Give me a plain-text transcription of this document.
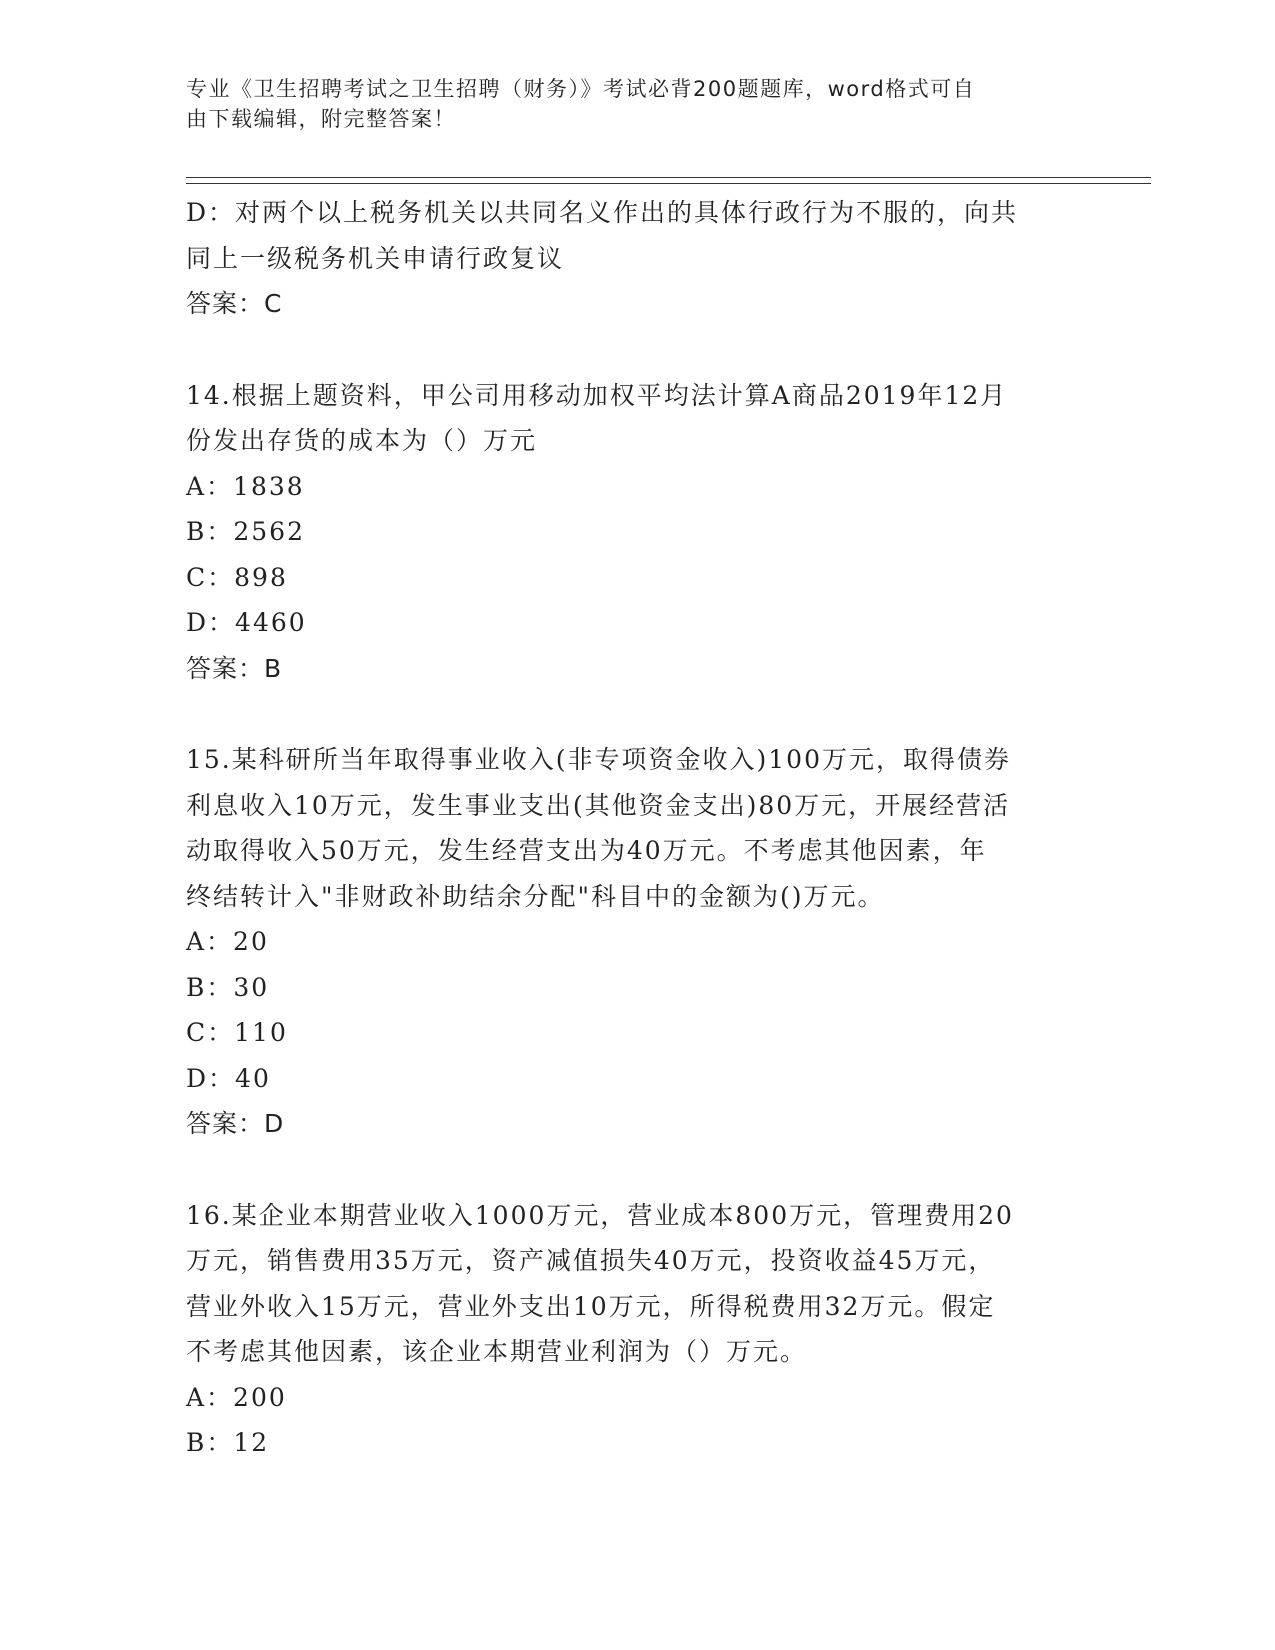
专业《卫生招聘考试之卫生招聘（财务）》考试必背200题题库，word格式可自
由下载编辑，附完整答案！
D：对两个以上税务机关以共同名义作出的具体行政行为不服的，向共
同上一级税务机关申请行政复议
答案：C
14.根据上题资料，甲公司用移动加权平均法计算A商品2019年12月
份发出存货的成本为（）万元
A：1838
B：2562
C：898
D：4460
答案：B
15.某科研所当年取得事业收入(非专项资金收入)100万元，取得债券
利息收入10万元，发生事业支出(其他资金支出)80万元，开展经营活
动取得收入50万元，发生经营支出为40万元。不考虑其他因素，年
终结转计入"非财政补助结余分配"科目中的金额为()万元。
A：20
B：30
C：110
D：40
答案：D
16.某企业本期营业收入1000万元，营业成本800万元，管理费用20
万元，销售费用35万元，资产减值损失40万元，投资收益45万元，
营业外收入15万元，营业外支出10万元，所得税费用32万元。假定
不考虑其他因素，该企业本期营业利润为（）万元。
A：200
B：12
